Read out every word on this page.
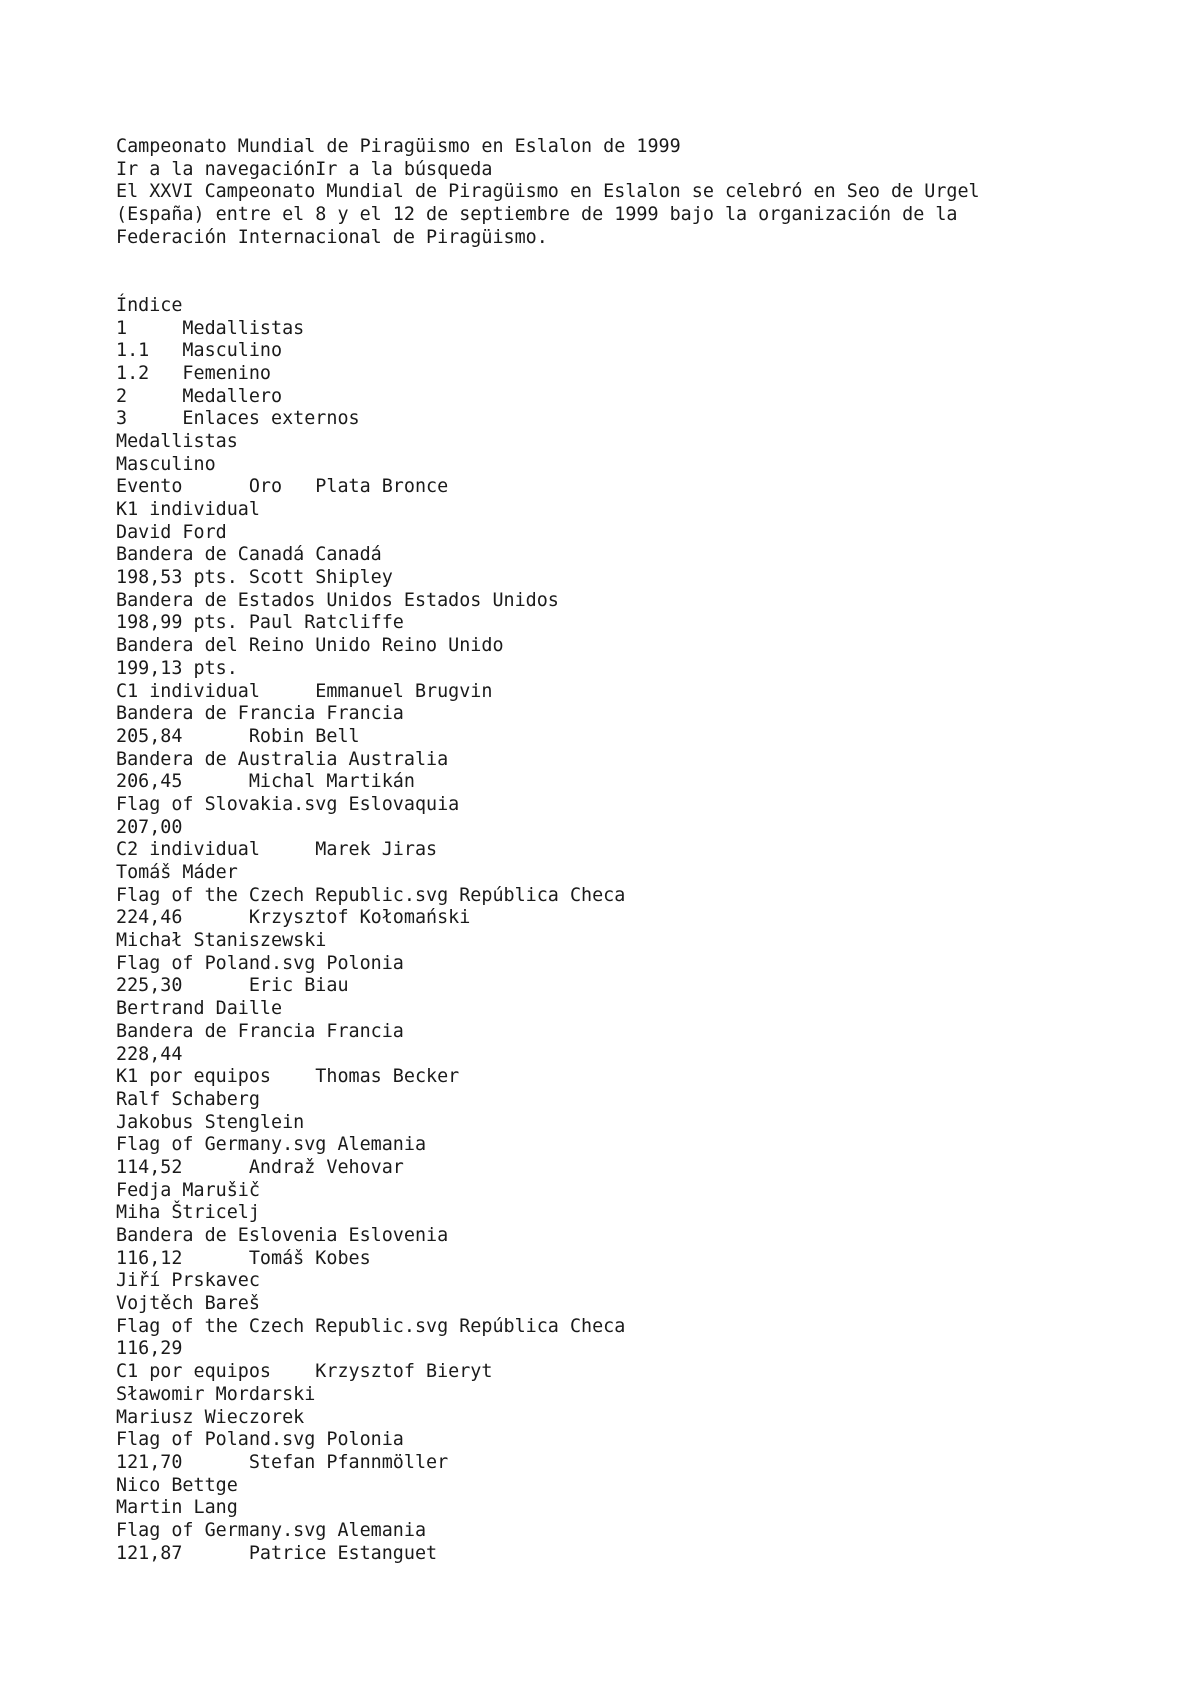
Campeonato Mundial de Piragüismo en Eslalon de 1999
Ir a la navegaciónIr a la búsqueda
El XXVI Campeonato Mundial de Piragüismo en Eslalon se celebró en Seo de Urgel
(España) entre el 8 y el 12 de septiembre de 1999 bajo la organización de la
Federación Internacional de Piragüismo.
Índice
1     Medallistas
1.1   Masculino
1.2   Femenino
2     Medallero
3     Enlaces externos
Medallistas
Masculino
Evento      Oro   Plata Bronce
K1 individual
David Ford
Bandera de Canadá Canadá
198,53 pts. Scott Shipley
Bandera de Estados Unidos Estados Unidos
198,99 pts. Paul Ratcliffe
Bandera del Reino Unido Reino Unido
199,13 pts.
C1 individual     Emmanuel Brugvin
Bandera de Francia Francia
205,84      Robin Bell
Bandera de Australia Australia
206,45      Michal Martikán
Flag of Slovakia.svg Eslovaquia
207,00
C2 individual     Marek Jiras
Tomáš Máder
Flag of the Czech Republic.svg República Checa
224,46      Krzysztof Kołomański
Michał Staniszewski
Flag of Poland.svg Polonia
225,30      Eric Biau
Bertrand Daille
Bandera de Francia Francia
228,44
K1 por equipos    Thomas Becker
Ralf Schaberg
Jakobus Stenglein
Flag of Germany.svg Alemania
114,52      Andraž Vehovar
Fedja Marušič
Miha Štricelj
Bandera de Eslovenia Eslovenia
116,12      Tomáš Kobes
Jiří Prskavec
Vojtěch Bareš
Flag of the Czech Republic.svg República Checa
116,29
C1 por equipos    Krzysztof Bieryt
Sławomir Mordarski
Mariusz Wieczorek
Flag of Poland.svg Polonia
121,70      Stefan Pfannmöller
Nico Bettge
Martin Lang
Flag of Germany.svg Alemania
121,87      Patrice Estanguet
